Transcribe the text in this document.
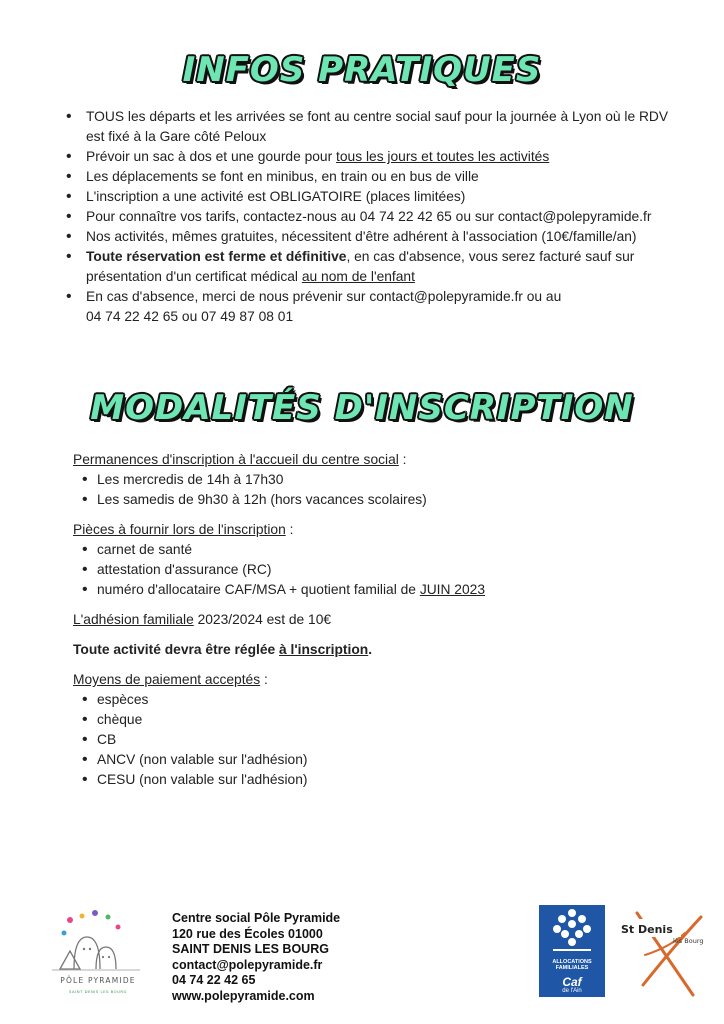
INFOS PRATIQUES
• TOUS les départs et les arrivées se font au centre social sauf pour la journée à Lyon où le RDV est fixé à la Gare côté Peloux
• Prévoir un sac à dos et une gourde pour tous les jours et toutes les activités
• Les déplacements se font en minibus, en train ou en bus de ville
• L'inscription a une activité est OBLIGATOIRE (places limitées)
• Pour connaître vos tarifs, contactez-nous au 04 74 22 42 65 ou sur contact@polepyramide.fr
• Nos activités, mêmes gratuites, nécessitent d'être adhérent à l'association (10€/famille/an)
• Toute réservation est ferme et définitive, en cas d'absence, vous serez facturé sauf sur présentation d'un certificat médical au nom de l'enfant
• En cas d'absence, merci de nous prévenir sur contact@polepyramide.fr ou au
04 74 22 42 65 ou 07 49 87 08 01
MODALITÉS D'INSCRIPTION

Permanences d'inscription à l'accueil du centre social :

• Les mercredis de 14h à 17h30
• Les samedis de 9h30 à 12h (hors vacances scolaires)

Pièces à fournir lors de l'inscription :

• carnet de santé
• attestation d'assurance (RC)
• numéro d'allocataire CAF/MSA + quotient familial de JUIN 2023

L'adhésion familiale 2023/2024 est de 10€

Toute activité devra être réglée à l'inscription.

Moyens de paiement acceptés :

• espèces
• chèque
• CB
• ANCV (non valable sur l'adhésion)
• CESU (non valable sur l'adhésion)
PÔLE PYRAMIDE
SAINT DENIS LES BOURG
Centre social Pôle Pyramide
120 rue des Écoles 01000
SAINT DENIS LES BOURG
contact@polepyramide.fr
04 74 22 42 65
www.polepyramide.com
ALLOCATIONS
FAMILIALES
Caf
de l'Ain
St Denis
lès Bourg
